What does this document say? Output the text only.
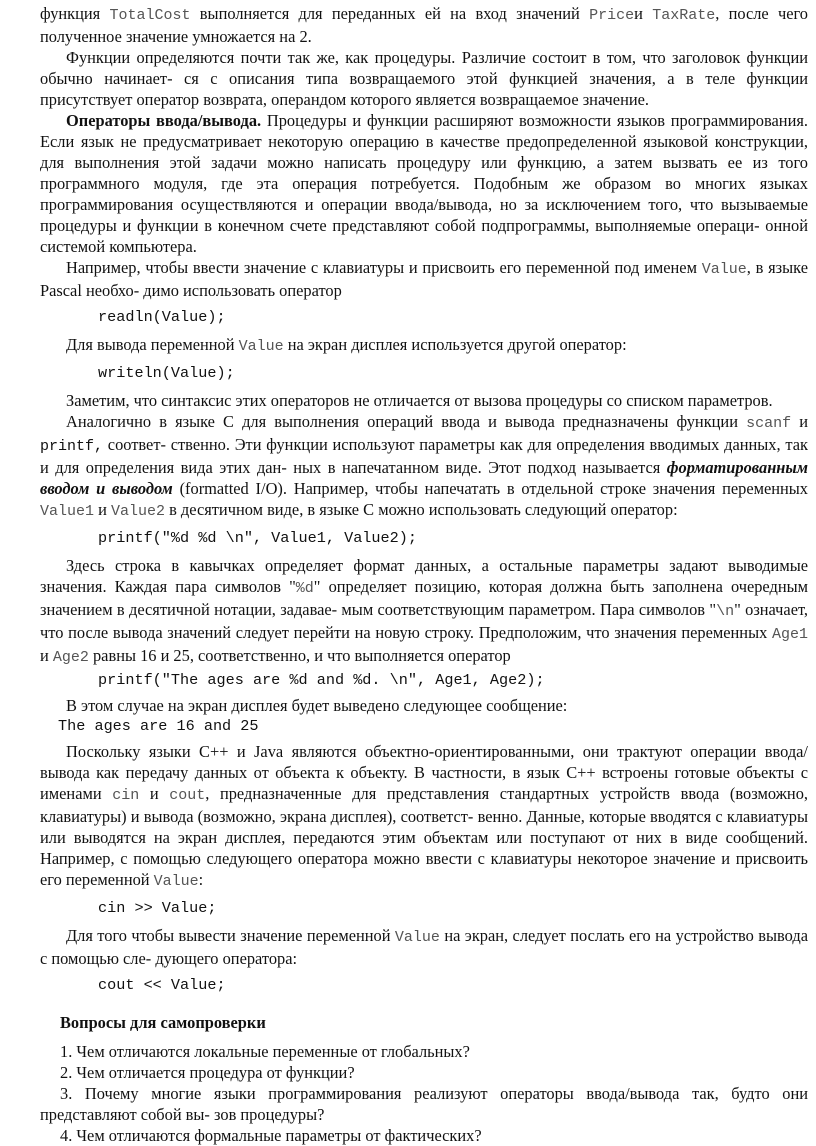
функция TotalCost выполняется для переданных ей на вход значений Priceи TaxRate, после чего полученное значение умножается на 2.

Функции определяются почти так же, как процедуры. Различие состоит в том, что заголовок функции обычно начинает- ся с описания типа возвращаемого этой функцией значения, а в теле функции присутствует оператор возврата, операндом которого является возвращаемое значение.

Операторы ввода/вывода. Процедуры и функции расширяют возможности языков программирования. Если язык не предусматривает некоторую операцию в качестве предопределенной языковой конструкции, для выполнения этой задачи можно написать процедуру или функцию, а затем вызвать ее из того программного модуля, где эта операция потребуется. Подобным же образом во многих языках программирования осуществляются и операции ввода/вывода, но за исключением того, что вызываемые процедуры и функции в конечном счете представляют собой подпрограммы, выполняемые операци- онной системой компьютера.

Например, чтобы ввести значение с клавиатуры и присвоить его переменной под именем Value, в языке Pascal необхо- димо использовать оператор

readln(Value);

Для вывода переменной Value на экран дисплея используется другой оператор:

writeln(Value);

Заметим, что синтаксис этих операторов не отличается от вызова процедуры со списком параметров.

Аналогично в языке С для выполнения операций ввода и вывода предназначены функции scanf и printf, соответ- ственно. Эти функции используют параметры как для определения вводимых данных, так и для определения вида этих дан- ных в напечатанном виде. Этот подход называется форматированным вводом и выводом (formatted I/O). Например, чтобы напечатать в отдельной строке значения переменных Value1 и Value2 в десятичном виде, в языке С можно использовать следующий оператор:

printf("%d %d \n", Value1, Value2);

Здесь строка в кавычках определяет формат данных, а остальные параметры задают выводимые значения. Каждая пара символов "%d" определяет позицию, которая должна быть заполнена очередным значением в десятичной нотации, задавае- мым соответствующим параметром. Пара символов "\n" означает, что после вывода значений следует перейти на новую строку. Предположим, что значения переменных Age1 и Age2 равны 16 и 25, соответственно, и что выполняется оператор

printf("The ages are %d and %d. \n", Age1, Age2);

В этом случае на экран дисплея будет выведено следующее сообщение:

The ages are 16 and 25

Поскольку языки С++ и Java являются объектно-ориентированными, они трактуют операции ввода/вывода как передачу данных от объекта к объекту. В частности, в язык С++ встроены готовые объекты с именами cin и cout, предназначенные для представления стандартных устройств ввода (возможно, клавиатуры) и вывода (возможно, экрана дисплея), соответст- венно. Данные, которые вводятся с клавиатуры или выводятся на экран дисплея, передаются этим объектам или поступают от них в виде сообщений. Например, с помощью следующего оператора можно ввести с клавиатуры некоторое значение и присвоить его переменной Value:

cin >> Value;

Для того чтобы вывести значение переменной Value на экран, следует послать его на устройство вывода с помощью сле- дующего оператора:

cout << Value;
Вопросы для самопроверки

1. Чем отличаются локальные переменные от глобальных?

2. Чем отличается процедура от функции?

3. Почему многие языки программирования реализуют операторы ввода/вывода так, будто они представляют собой вы- зов процедуры?

4. Чем отличаются формальные параметры от фактических?
